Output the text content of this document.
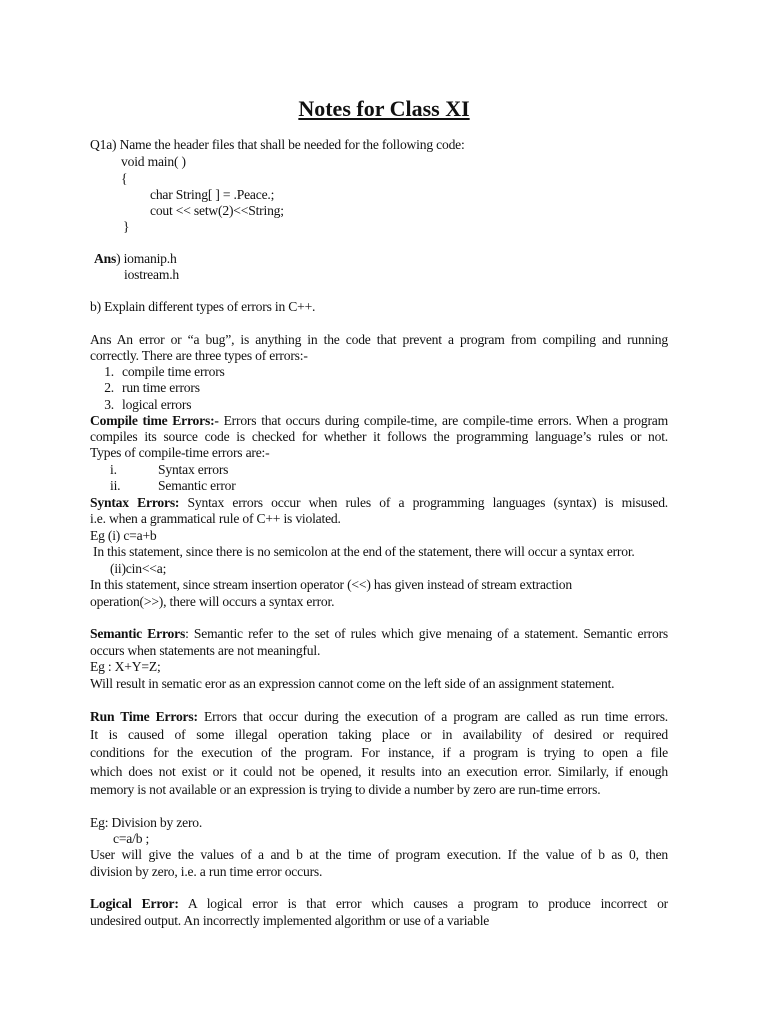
Notes for Class XI
Q1a) Name the header files that shall be needed for the following code:
void main( )
{
char String[ ] = .Peace.;
cout << setw(2)<<String;
}
Ans) iomanip.h
iostream.h
b) Explain different types of errors in C++.
Ans An error or “a bug”, is anything in the code that prevent a program from compiling and running
correctly. There are three types of errors:-
1. compile time errors
2. run time errors
3. logical errors
Compile time Errors:- Errors that occurs during compile-time, are compile-time errors. When a program
compiles its source code is checked for whether it follows the programming language’s rules or not.
Types of compile-time errors are:-
i.	Syntax errors
ii.	Semantic error
Syntax Errors: Syntax errors occur when rules of a programming languages (syntax) is misused.
i.e. when a grammatical rule of C++ is violated.
Eg (i) c=a+b
In this statement, since there is no semicolon at the end of the statement, there will occur a syntax error.
(ii)cin<<a;
In this statement, since stream insertion operator (<<) has given instead of stream extraction
operation(>>), there will occurs a syntax error.
Semantic Errors: Semantic refer to the set of rules which give menaing of a statement. Semantic errors
occurs when statements are not meaningful.
Eg : X+Y=Z;
Will result in sematic eror as an expression cannot come on the left side of an assignment statement.
Run Time Errors: Errors that occur during the execution of a program are called as run time errors.
It is caused of some illegal operation taking place or in availability of desired or required
conditions for the execution of the program. For instance, if a program is trying to open a file
which does not exist or it could not be opened, it results into an execution error. Similarly, if enough
memory is not available or an expression is trying to divide a number by zero are run-time errors.
Eg: Division by zero.
c=a/b ;
User will give the values of a and b at the time of program execution. If the value of b as 0, then
division by zero, i.e. a run time error occurs.
Logical Error: A logical error is that error which causes a program to produce incorrect or
undesired output. An incorrectly implemented algorithm or use of a variable
